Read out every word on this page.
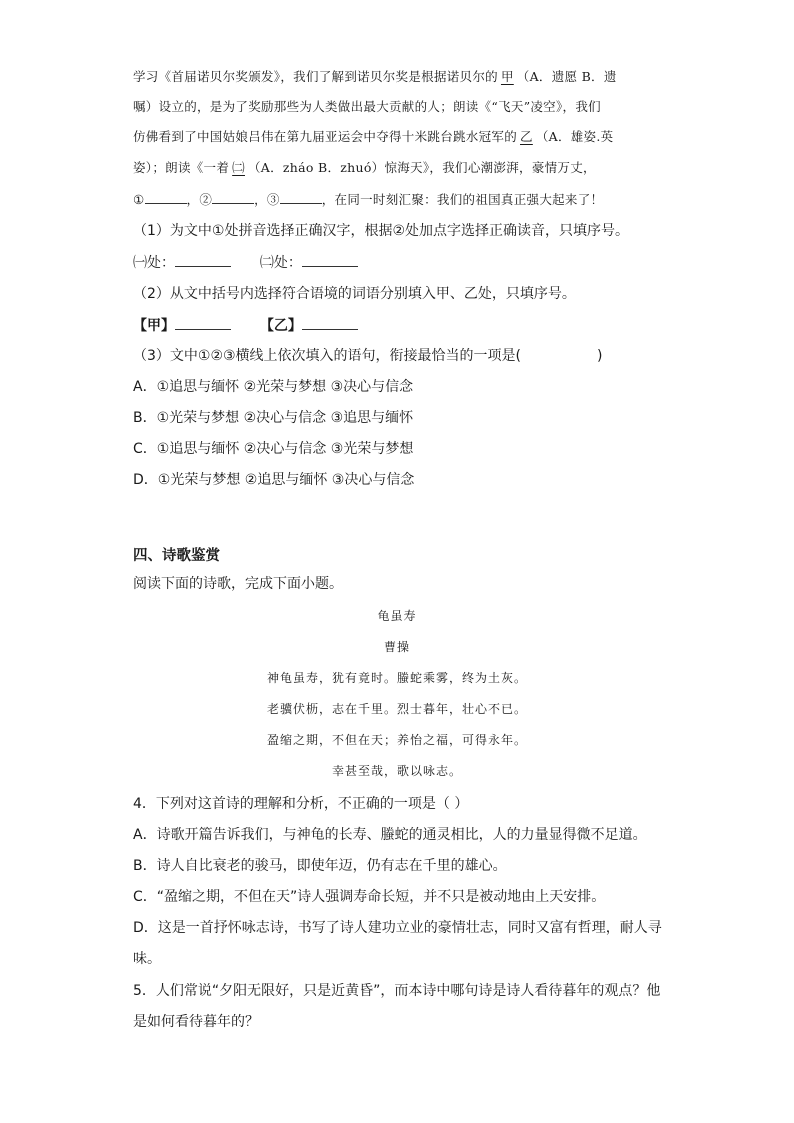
学习《首届诺贝尔奖颁发》，我们了解到诺贝尔奖是根据诺贝尔的 甲 （A．遗愿 B．遗
嘱）设立的，是为了奖励那些为人类做出最大贡献的人；朗读《“飞天”凌空》，我们
仿佛看到了中国姑娘吕伟在第九届亚运会中夺得十米跳台跳水冠军的 乙 （A．雄姿.英
姿）；朗读《一着 ㈡ （A．zháo B．zhuó）惊海天》，我们心潮澎湃，豪情万丈，
①	，②	，③	，在同一时刻汇聚：我们的祖国真正强大起来了！
（1）为文中①处拼音选择正确汉字，根据②处加点字选择正确读音，只填序号。
㈠处：	㈡处：
（2）从文中括号内选择符合语境的词语分别填入甲、乙处，只填序号。
【甲】	【乙】
（3）文中①②③横线上依次填入的语句，衔接最恰当的一项是(	)
A．①追思与缅怀 ②光荣与梦想 ③决心与信念
B．①光荣与梦想 ②决心与信念 ③追思与缅怀
C．①追思与缅怀 ②决心与信念 ③光荣与梦想
D．①光荣与梦想 ②追思与缅怀 ③决心与信念
四、诗歌鉴赏
阅读下面的诗歌，完成下面小题。
龟虽寿
曹操
神龟虽寿，犹有竟时。螣蛇乘雾，终为土灰。
老骥伏枥，志在千里。烈士暮年，壮心不已。
盈缩之期，不但在天；养怡之福，可得永年。
幸甚至哉，歌以咏志。
4．下列对这首诗的理解和分析，不正确的一项是（ ）
A．诗歌开篇告诉我们，与神龟的长寿、螣蛇的通灵相比，人的力量显得微不足道。
B．诗人自比衰老的骏马，即使年迈，仍有志在千里的雄心。
C．“盈缩之期，不但在天”诗人强调寿命长短，并不只是被动地由上天安排。
D．这是一首抒怀咏志诗，书写了诗人建功立业的豪情壮志，同时又富有哲理，耐人寻
味。
5．人们常说“夕阳无限好，只是近黄昏”，而本诗中哪句诗是诗人看待暮年的观点？他
是如何看待暮年的？
